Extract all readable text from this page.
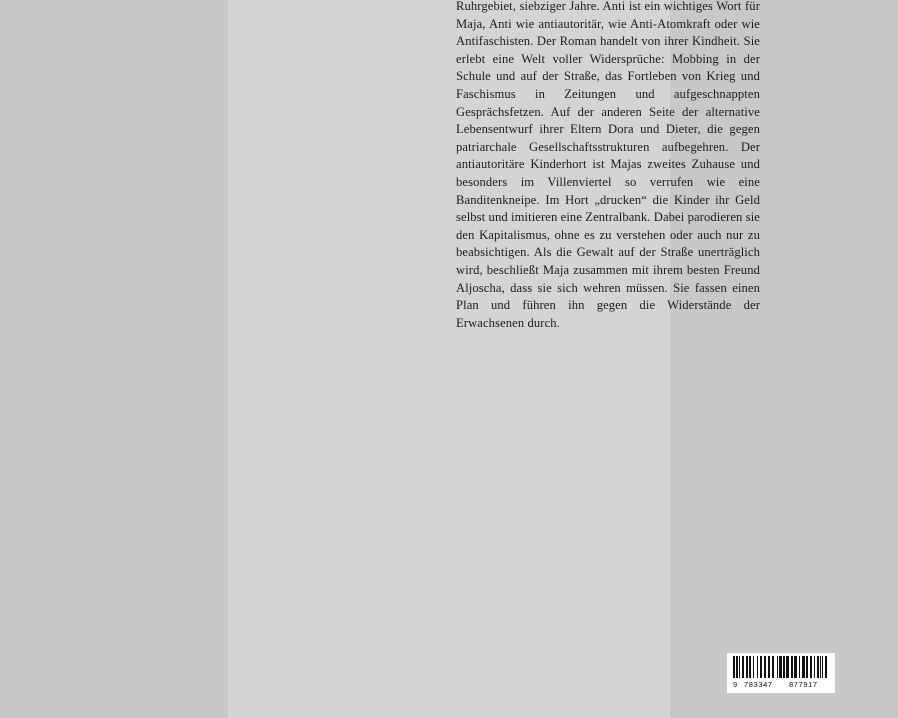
Ruhrgebiet, siebziger Jahre. Anti ist ein wichtiges Wort für Maja, Anti wie antiautoritär, wie Anti-Atomkraft oder wie Antifaschisten. Der Roman handelt von ihrer Kindheit. Sie erlebt eine Welt voller Widersprüche: Mobbing in der Schule und auf der Straße, das Fortleben von Krieg und Faschismus in Zeitungen und aufgeschnappten Gesprächsfetzen. Auf der anderen Seite der alternative Lebensentwurf ihrer Eltern Dora und Dieter, die gegen patriarchale Gesellschaftsstrukturen aufbegehren. Der antiautoritäre Kinderhort ist Majas zweites Zuhause und besonders im Villenviertel so verrufen wie eine Banditenkneipe. Im Hort „drucken“ die Kinder ihr Geld selbst und imitieren eine Zentralbank. Dabei parodieren sie den Kapitalismus, ohne es zu verstehen oder auch nur zu beabsichtigen. Als die Gewalt auf der Straße unerträglich wird, beschließt Maja zusammen mit ihrem besten Freund Aljoscha, dass sie sich wehren müssen. Sie fassen einen Plan und führen ihn gegen die Widerstände der Erwachsenen durch.
9 783347 877917
